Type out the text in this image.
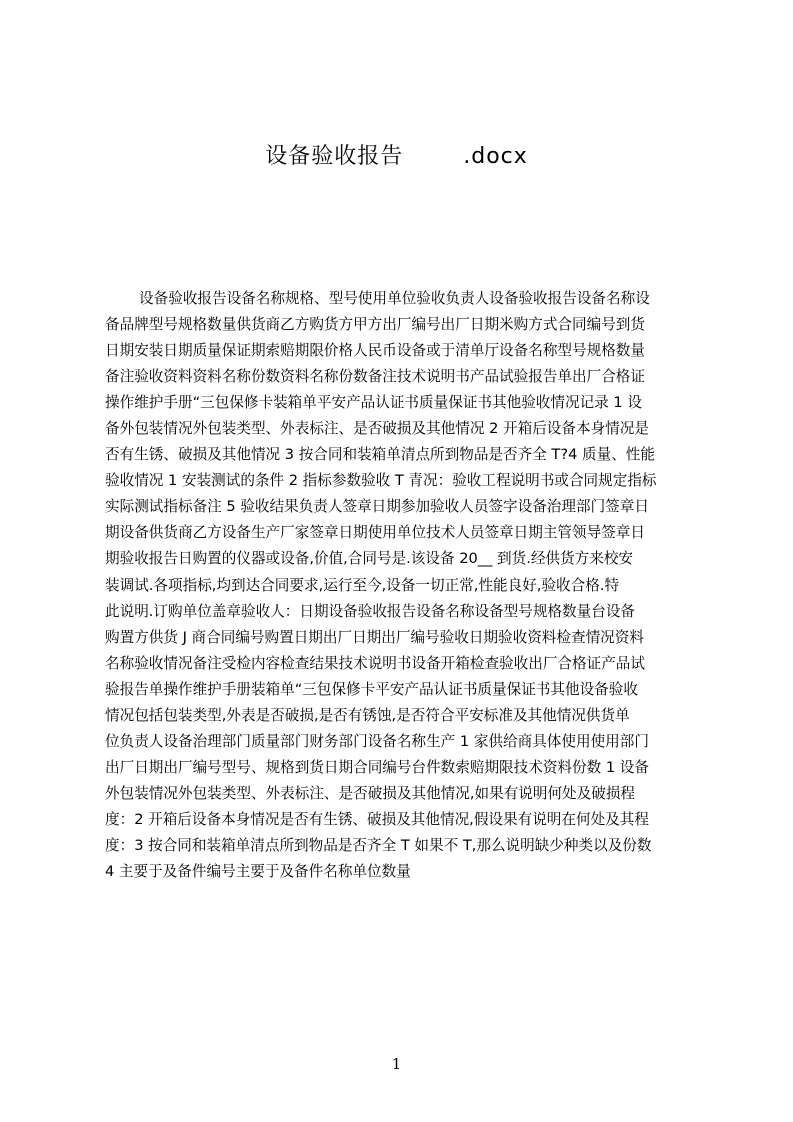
设备验收报告	.docx
设备验收报告设备名称规格、型号使用单位验收负责人设备验收报告设备名称设
备品牌型号规格数量供货商乙方购货方甲方出厂编号出厂日期米购方式合同编号到货
日期安装日期质量保证期索赔期限价格人民币设备或于清单厅设备名称型号规格数量
备注验收资料资料名称份数资料名称份数备注技术说明书产品试验报告单出厂合格证
操作维护手册“三包保修卡装箱单平安产品认证书质量保证书其他验收情况记录 1 设
备外包装情况外包装类型、外表标注、是否破损及其他情况 2 开箱后设备本身情况是
否有生锈、破损及其他情况 3 按合同和装箱单清点所到物品是否齐全 T?4 质量、性能
验收情况 1 安装测试的条件 2 指标参数验收 T 青况：验收工程说明书或合同规定指标
实际测试指标备注 5 验收结果负责人签章日期参加验收人员签字设备治理部门签章日
期设备供货商乙方设备生产厂家签章日期使用单位技术人员签章日期主管领导签章日
期验收报告日购置的仪器或设备,价值,合同号是.该设备 20__ 到货.经供货方来校安
装调试.各项指标,均到达合同要求,运行至今,设备一切正常,性能良好,验收合格.特
此说明.订购单位盖章验收人：日期设备验收报告设备名称设备型号规格数量台设备
购置方供货 J 商合同编号购置日期出厂日期出厂编号验收日期验收资料检查情况资料
名称验收情况备注受检内容检查结果技术说明书设备开箱检查验收出厂合格证产品试
验报告单操作维护手册装箱单“三包保修卡平安产品认证书质量保证书其他设备验收
情况包括包装类型,外表是否破损,是否有锈蚀,是否符合平安标准及其他情况供货单
位负责人设备治理部门质量部门财务部门设备名称生产 1 家供给商具体使用使用部门
出厂日期出厂编号型号、规格到货日期合同编号台件数索赔期限技术资料份数 1 设备
外包装情况外包装类型、外表标注、是否破损及其他情况,如果有说明何处及破损程
度：2 开箱后设备本身情况是否有生锈、破损及其他情况,假设果有说明在何处及其程
度：3 按合同和装箱单清点所到物品是否齐全 T 如果不 T,那么说明缺少种类以及份数
4 主要于及备件编号主要于及备件名称单位数量
1
